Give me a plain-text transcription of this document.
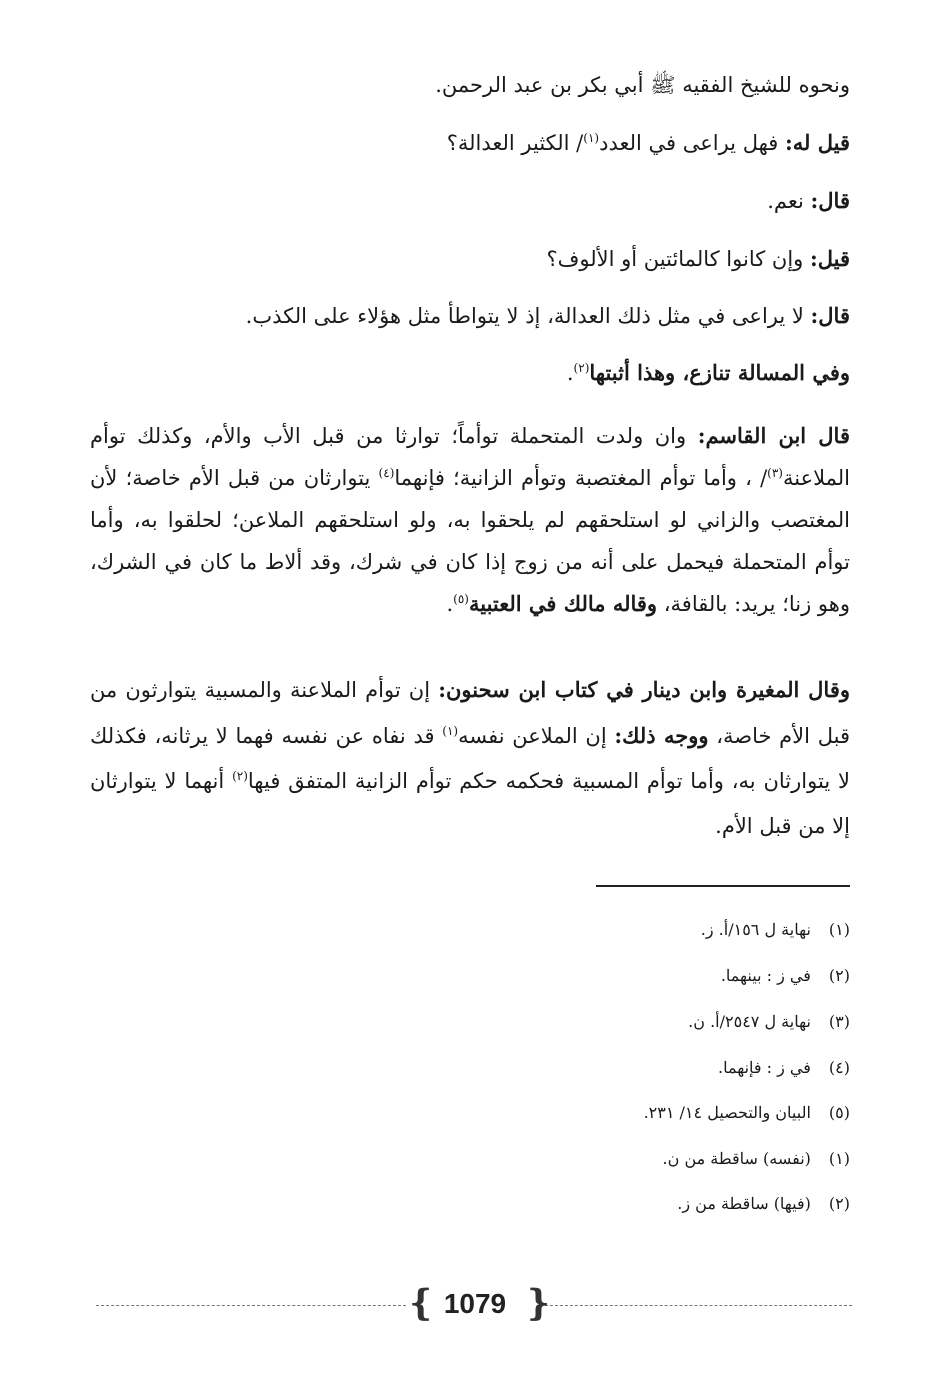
ونحوه للشيخ الفقيه ﷺ أبي بكر بن عبد الرحمن.

قيل له: فهل يراعى في العدد$^{(١)}$/ الكثير العدالة؟

قال: نعم.

قيل: وإن كانوا كالمائتين أو الألوف؟

قال: لا يراعى في مثل ذلك العدالة، إذ لا يتواطأ مثل هؤلاء على الكذب.

وفي المسالة تنازع، وهذا أثبتها$^{(٢)}$.

قال ابن القاسم: وان ولدت المتحملة توأماً؛ توارثا من قبل الأب والأم، وكذلك توأم الملاعنة$^{(٣)}$/ ، وأما توأم المغتصبة وتوأم الزانية؛ فإنهما$^{(٤)}$ يتوارثان من قبل الأم خاصة؛ لأن المغتصب والزاني لو استلحقهم لم يلحقوا به، ولو استلحقهم الملاعن؛ لحلقوا به، وأما توأم المتحملة فيحمل على أنه من زوج إذا كان في شرك، وقد ألاط ما كان في الشرك، وهو زنا؛ يريد: بالقافة، وقاله مالك في العتبية$^{(٥)}$.

وقال المغيرة وابن دينار في كتاب ابن سحنون: إن توأم الملاعنة والمسبية يتوارثون من قبل الأم خاصة، ووجه ذلك: إن الملاعن نفسه$^{(١)}$ قد نفاه عن نفسه فهما لا يرثانه، فكذلك لا يتوارثان به، وأما توأم المسبية فحكمه حكم توأم الزانية المتفق فيها$^{(٢)}$ أنهما لا يتوارثان إلا من قبل الأم.

(١) نهاية ل ١٥٦/أ. ز.
(٢) في ز : بينهما.
(٣) نهاية ل ٢٥٤٧/أ. ن.
(٤) في ز : فإنهما.
(٥) البيان والتحصيل ١٤/ ٢٣١.
(١) (نفسه) ساقطة من ن.
(٢) (فيها) ساقطة من ز.
❴ 1079 ❵
